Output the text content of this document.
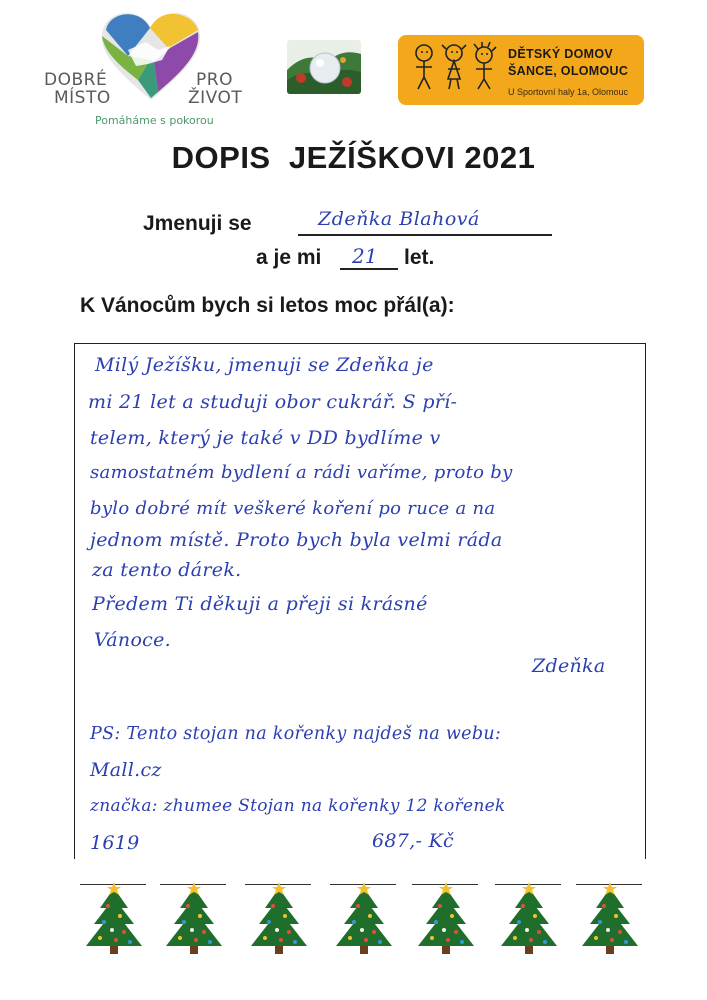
DOBRÉ
MÍSTO
PRO
ŽIVOT
Pomáháme s pokorou
DĚTSKÝ DOMOV
ŠANCE, OLOMOUC
U Sportovní haly 1a, Olomouc
DOPIS  JEŽÍŠKOVI 2021
Jmenuji se	Zdeňka Blahová
a je mi 21 let.
K Vánocům bych si letos moc přál(a):
Milý Ježíšku, jmenuji se Zdeňka je
mi 21 let a studuji obor cukrář. S pří-
telem, který je také v DD bydlíme v
samostatném bydlení a rádi vaříme, proto by
bylo dobré mít veškeré koření po ruce a na
jednom místě. Proto bych byla velmi ráda
za tento dárek.
Předem Ti děkuji a přeji si krásné
Vánoce.
Zdeňka
PS: Tento stojan na kořenky najdeš na webu:
Mall.cz
značka: zhumee Stojan na kořenky 12 kořenek
1619	687,- Kč
